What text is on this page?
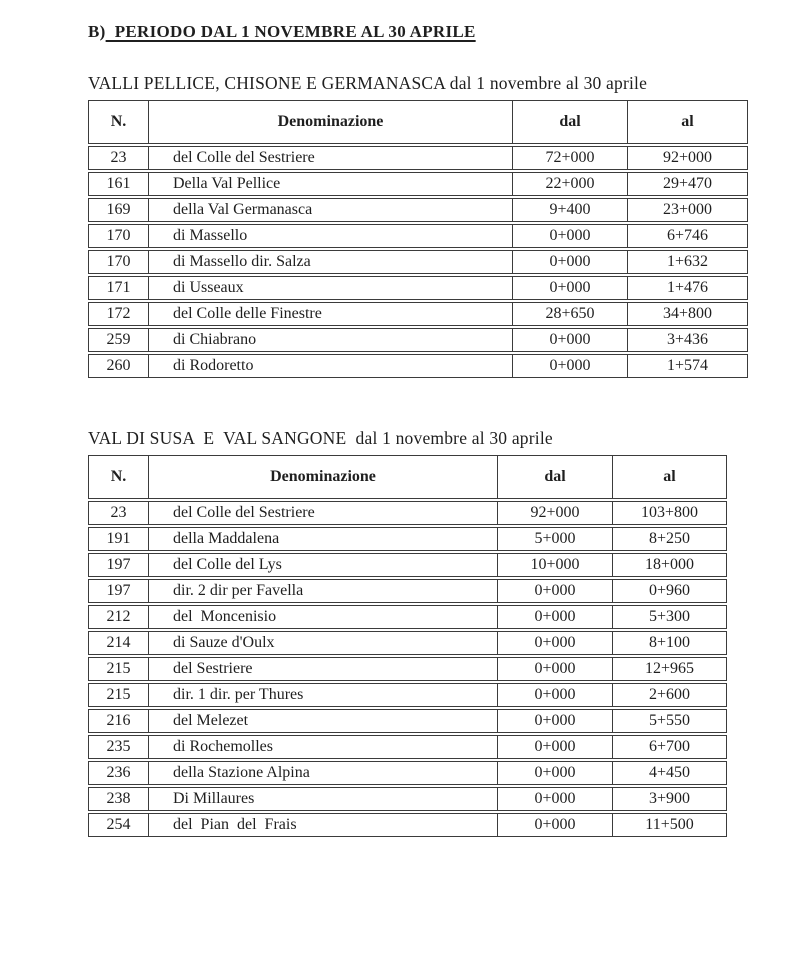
B)  PERIODO DAL 1 NOVEMBRE AL 30 APRILE
VALLI PELLICE, CHISONE E GERMANASCA dal 1 novembre al 30 aprile
N.	Denominazione	dal	al
23	del Colle del Sestriere	72+000	92+000
161	Della Val Pellice	22+000	29+470
169	della Val Germanasca	9+400	23+000
170	di Massello	0+000	6+746
170	di Massello dir. Salza	0+000	1+632
171	di Usseaux	0+000	1+476
172	del Colle delle Finestre	28+650	34+800
259	di Chiabrano	0+000	3+436
260	di Rodoretto	0+000	1+574
VAL DI SUSA  E  VAL SANGONE  dal 1 novembre al 30 aprile
N.	Denominazione	dal	al
23	del Colle del Sestriere	92+000	103+800
191	della Maddalena	5+000	8+250
197	del Colle del Lys	10+000	18+000
197	dir. 2 dir per Favella	0+000	0+960
212	del  Moncenisio	0+000	5+300
214	di Sauze d'Oulx	0+000	8+100
215	del Sestriere	0+000	12+965
215	dir. 1 dir. per Thures	0+000	2+600
216	del Melezet	0+000	5+550
235	di Rochemolles	0+000	6+700
236	della Stazione Alpina	0+000	4+450
238	Di Millaures	0+000	3+900
254	del  Pian  del  Frais	0+000	11+500
